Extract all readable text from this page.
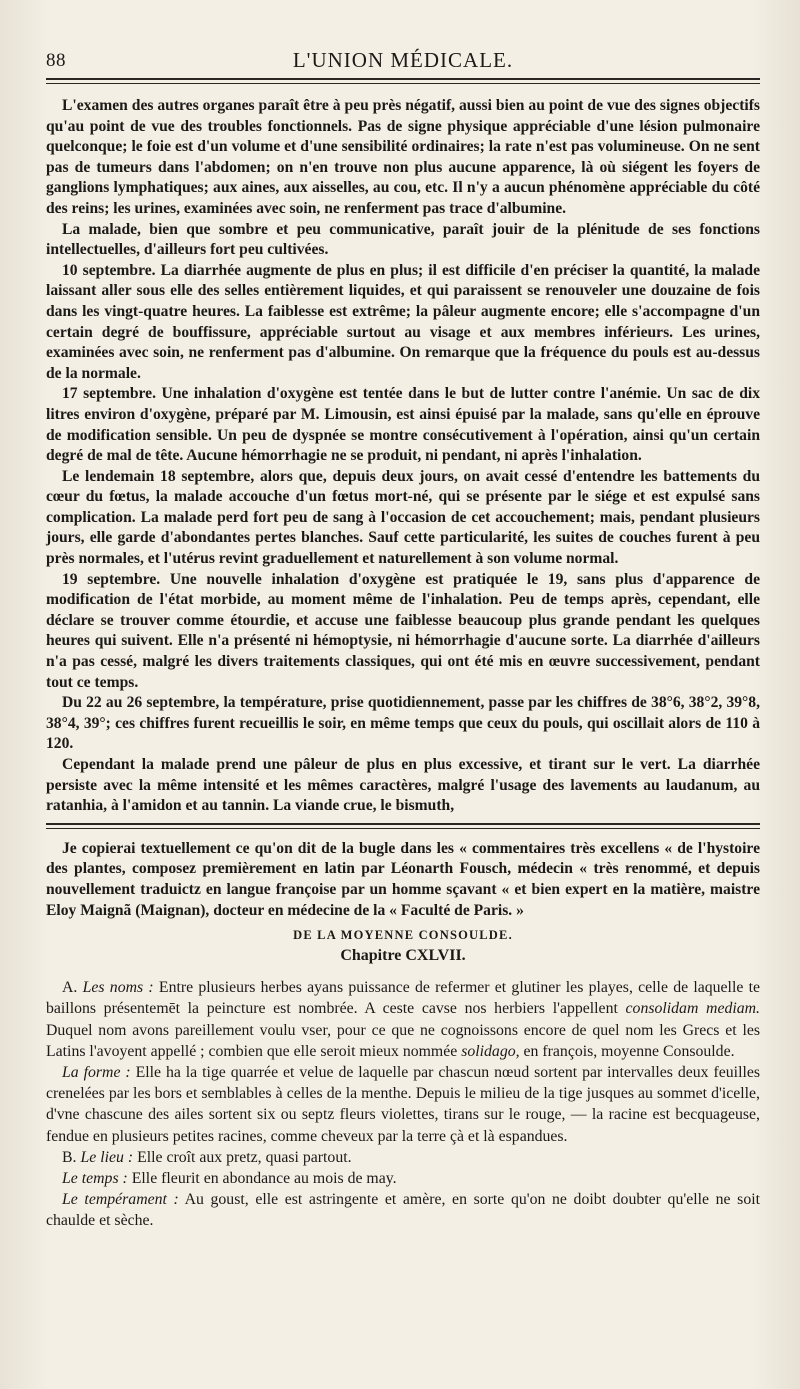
88	L'UNION MÉDICALE.

L'examen des autres organes paraît être à peu près négatif, aussi bien au point de vue des signes objectifs qu'au point de vue des troubles fonctionnels. Pas de signe physique appréciable d'une lésion pulmonaire quelconque; le foie est d'un volume et d'une sensibilité ordinaires; la rate n'est pas volumineuse. On ne sent pas de tumeurs dans l'abdomen; on n'en trouve non plus aucune apparence, là où siégent les foyers de ganglions lymphatiques; aux aines, aux aisselles, au cou, etc. Il n'y a aucun phénomène appréciable du côté des reins; les urines, examinées avec soin, ne renferment pas trace d'albumine.

La malade, bien que sombre et peu communicative, paraît jouir de la plénitude de ses fonctions intellectuelles, d'ailleurs fort peu cultivées.

10 septembre. La diarrhée augmente de plus en plus; il est difficile d'en préciser la quantité, la malade laissant aller sous elle des selles entièrement liquides, et qui paraissent se renouveler une douzaine de fois dans les vingt-quatre heures. La faiblesse est extrême; la pâleur augmente encore; elle s'accompagne d'un certain degré de bouffissure, appréciable surtout au visage et aux membres inférieurs. Les urines, examinées avec soin, ne renferment pas d'albumine. On remarque que la fréquence du pouls est au-dessus de la normale.

17 septembre. Une inhalation d'oxygène est tentée dans le but de lutter contre l'anémie. Un sac de dix litres environ d'oxygène, préparé par M. Limousin, est ainsi épuisé par la malade, sans qu'elle en éprouve de modification sensible. Un peu de dyspnée se montre consécutivement à l'opération, ainsi qu'un certain degré de mal de tête. Aucune hémorrhagie ne se produit, ni pendant, ni après l'inhalation.

Le lendemain 18 septembre, alors que, depuis deux jours, on avait cessé d'entendre les battements du cœur du fœtus, la malade accouche d'un fœtus mort-né, qui se présente par le siége et est expulsé sans complication. La malade perd fort peu de sang à l'occasion de cet accouchement; mais, pendant plusieurs jours, elle garde d'abondantes pertes blanches. Sauf cette particularité, les suites de couches furent à peu près normales, et l'utérus revint graduellement et naturellement à son volume normal.

19 septembre. Une nouvelle inhalation d'oxygène est pratiquée le 19, sans plus d'apparence de modification de l'état morbide, au moment même de l'inhalation. Peu de temps après, cependant, elle déclare se trouver comme étourdie, et accuse une faiblesse beaucoup plus grande pendant les quelques heures qui suivent. Elle n'a présenté ni hémoptysie, ni hémorrhagie d'aucune sorte. La diarrhée d'ailleurs n'a pas cessé, malgré les divers traitements classiques, qui ont été mis en œuvre successivement, pendant tout ce temps.

Du 22 au 26 septembre, la température, prise quotidiennement, passe par les chiffres de 38°6, 38°2, 39°8, 38°4, 39°; ces chiffres furent recueillis le soir, en même temps que ceux du pouls, qui oscillait alors de 110 à 120.

Cependant la malade prend une pâleur de plus en plus excessive, et tirant sur le vert. La diarrhée persiste avec la même intensité et les mêmes caractères, malgré l'usage des lavements au laudanum, au ratanhia, à l'amidon et au tannin. La viande crue, le bismuth,

Je copierai textuellement ce qu'on dit de la bugle dans les « commentaires très excellens « de l'hystoire des plantes, composez premièrement en latin par Léonarth Fousch, médecin « très renommé, et depuis nouvellement traduictz en langue françoise par un homme sçavant « et bien expert en la matière, maistre Eloy Maignã (Maignan), docteur en médecine de la « Faculté de Paris. »

DE LA MOYENNE CONSOULDE.
Chapitre CXLVII.

A. Les noms : Entre plusieurs herbes ayans puissance de refermer et glutiner les playes, celle de laquelle te baillons présentemēt la peincture est nombrée. A ceste cavse nos herbiers l'appellent consolidam mediam. Duquel nom avons pareillement voulu vser, pour ce que ne cognoissons encore de quel nom les Grecs et les Latins l'avoyent appellé ; combien que elle seroit mieux nommée solidago, en françois, moyenne Consoulde.

La forme : Elle ha la tige quarrée et velue de laquelle par chascun nœud sortent par intervalles deux feuilles crenelées par les bors et semblables à celles de la menthe. Depuis le milieu de la tige jusques au sommet d'icelle, d'vne chascune des ailes sortent six ou septz fleurs violettes, tirans sur le rouge, — la racine est becquageuse, fendue en plusieurs petites racines, comme cheveux par la terre çà et là espandues.

B. Le lieu : Elle croît aux pretz, quasi partout.

Le temps : Elle fleurit en abondance au mois de may.

Le tempérament : Au goust, elle est astringente et amère, en sorte qu'on ne doibt doubter qu'elle ne soit chaulde et sèche.
